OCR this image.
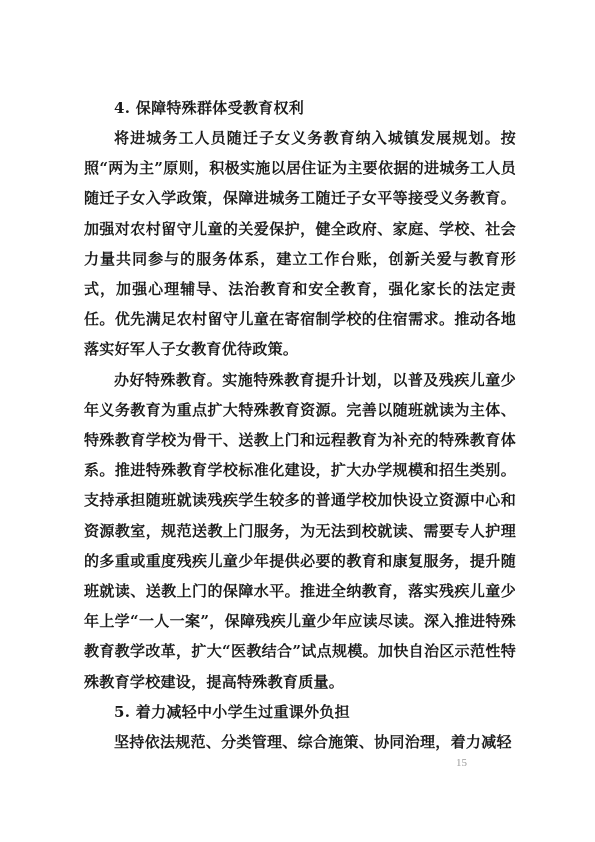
4. 保障特殊群体受教育权利

将进城务工人员随迁子女义务教育纳入城镇发展规划。按照“两为主”原则，积极实施以居住证为主要依据的进城务工人员随迁子女入学政策，保障进城务工随迁子女平等接受义务教育。加强对农村留守儿童的关爱保护，健全政府、家庭、学校、社会力量共同参与的服务体系，建立工作台账，创新关爱与教育形式，加强心理辅导、法治教育和安全教育，强化家长的法定责任。优先满足农村留守儿童在寄宿制学校的住宿需求。推动各地落实好军人子女教育优待政策。

办好特殊教育。实施特殊教育提升计划，以普及残疾儿童少年义务教育为重点扩大特殊教育资源。完善以随班就读为主体、特殊教育学校为骨干、送教上门和远程教育为补充的特殊教育体系。推进特殊教育学校标准化建设，扩大办学规模和招生类别。支持承担随班就读残疾学生较多的普通学校加快设立资源中心和资源教室，规范送教上门服务，为无法到校就读、需要专人护理的多重或重度残疾儿童少年提供必要的教育和康复服务，提升随班就读、送教上门的保障水平。推进全纳教育，落实残疾儿童少年上学“一人一案”，保障残疾儿童少年应读尽读。深入推进特殊教育教学改革，扩大“医教结合”试点规模。加快自治区示范性特殊教育学校建设，提高特殊教育质量。

5. 着力减轻中小学生过重课外负担

坚持依法规范、分类管理、综合施策、协同治理，着力减轻

15
